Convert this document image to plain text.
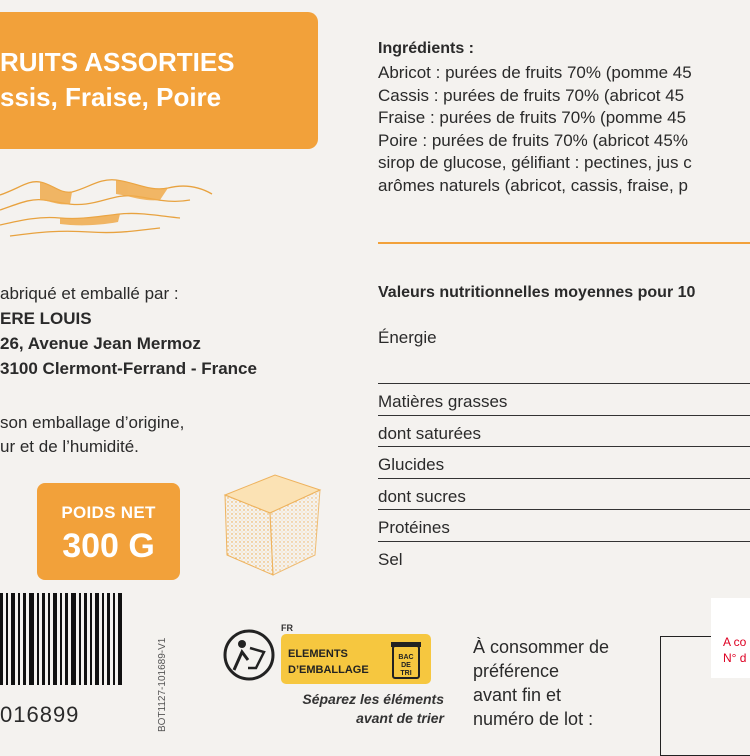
RUITS ASSORTIES
ssis, Fraise, Poire
abriqué et emballé par :
ERE LOUIS
26, Avenue Jean Mermoz
3100 Clermont-Ferrand - France
son emballage d’origine,
ur et de l’humidité.
POIDS NET
300 G
016899	BOT1127-101689-V1
FR
ELEMENTS
D’EMBALLAGE
BAC
DE
TRI
Séparez les éléments
avant de trier
À consommer de
préférence
avant fin et
numéro de lot :
A co
N° d
Ingrédients :
Abricot : purées de fruits 70% (pomme 45
Cassis : purées de fruits 70% (abricot 45
Fraise : purées de fruits 70% (pomme 45
Poire : purées de fruits 70% (abricot 45%
sirop de glucose, gélifiant : pectines, jus c
arômes naturels (abricot, cassis, fraise, p
Valeurs nutritionnelles moyennes pour 10
Énergie
Matières grasses
dont saturées
Glucides
dont sucres
Protéines
Sel
